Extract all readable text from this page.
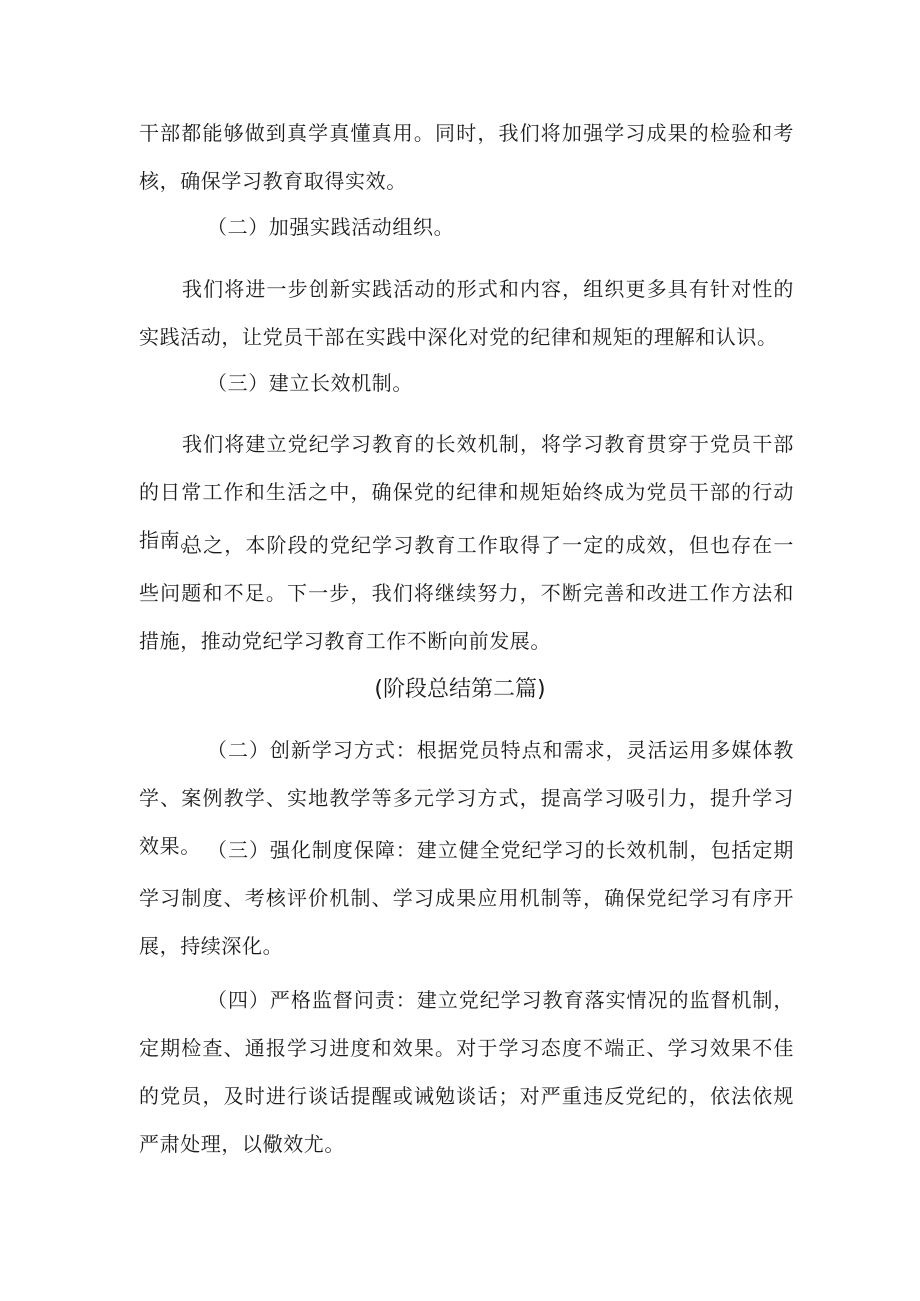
干部都能够做到真学真懂真用。同时，我们将加强学习成果的检验和考核，确保学习教育取得实效。

（二）加强实践活动组织。

我们将进一步创新实践活动的形式和内容，组织更多具有针对性的实践活动，让党员干部在实践中深化对党的纪律和规矩的理解和认识。

（三）建立长效机制。

我们将建立党纪学习教育的长效机制，将学习教育贯穿于党员干部的日常工作和生活之中，确保党的纪律和规矩始终成为党员干部的行动指南。

总之，本阶段的党纪学习教育工作取得了一定的成效，但也存在一些问题和不足。下一步，我们将继续努力，不断完善和改进工作方法和措施，推动党纪学习教育工作不断向前发展。

(阶段总结第二篇)

（二）创新学习方式：根据党员特点和需求，灵活运用多媒体教学、案例教学、实地教学等多元学习方式，提高学习吸引力，提升学习效果。 （三）强化制度保障：建立健全党纪学习的长效机制，包括定期学习制度、考核评价机制、学习成果应用机制等，确保党纪学习有序开展，持续深化。

（四）严格监督问责：建立党纪学习教育落实情况的监督机制，定期检查、通报学习进度和效果。对于学习态度不端正、学习效果不佳的党员，及时进行谈话提醒或诫勉谈话；对严重违反党纪的，依法依规严肃处理，以儆效尤。
